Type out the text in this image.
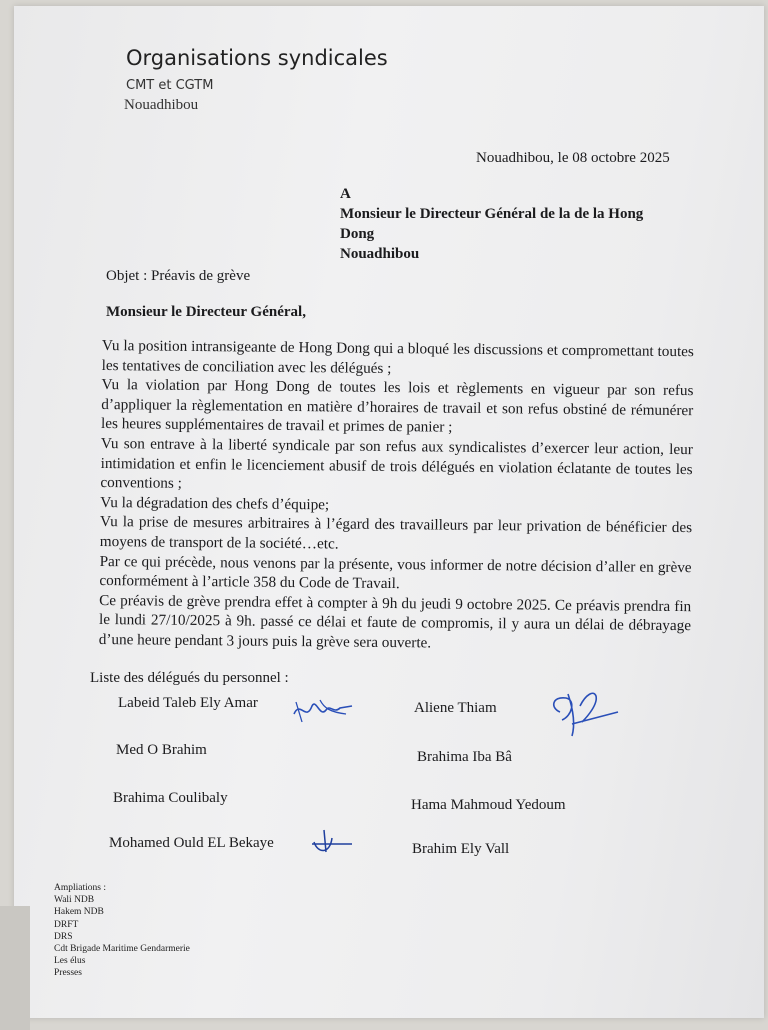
Organisations syndicales
CMT et CGTM
Nouadhibou
Nouadhibou, le 08 octobre 2025
A
Monsieur le Directeur Général de la de la Hong
Dong
Nouadhibou
Objet : Préavis de grève
Monsieur le Directeur Général,

Vu la position intransigeante de Hong Dong qui a bloqué les discussions et compromettant toutes les tentatives de conciliation avec les délégués ;

Vu la violation par Hong Dong de toutes les lois et règlements en vigueur par son refus d’appliquer la règlementation en matière d’horaires de travail et son refus obstiné de rémunérer les heures supplémentaires de travail et primes de panier ;

Vu son entrave à la liberté syndicale par son refus aux syndicalistes d’exercer leur action, leur intimidation et enfin le licenciement abusif de trois délégués en violation éclatante de toutes les conventions ;

Vu la dégradation des chefs d’équipe;

Vu la prise de mesures arbitraires à l’égard des travailleurs par leur privation de bénéficier des moyens de transport de la société…etc.

Par ce qui précède, nous venons par la présente, vous informer de notre décision d’aller en grève conformément à l’article 358 du Code de Travail.

Ce préavis de grève prendra effet à compter à 9h du jeudi 9 octobre 2025. Ce préavis prendra fin le lundi 27/10/2025 à 9h. passé ce délai et faute de compromis, il y aura un délai de débrayage d’une heure pendant 3 jours puis la grève sera ouverte.

Liste des délégués du personnel :
Labeid Taleb Ely Amar
Med O Brahim
Brahima Coulibaly
Mohamed Ould EL Bekaye
Aliene Thiam
Brahima Iba Bâ
Hama Mahmoud Yedoum
Brahim Ely Vall
Ampliations :
Wali NDB
Hakem NDB
DRFT
DRS
Cdt Brigade Maritime Gendarmerie
Les élus
Presses
